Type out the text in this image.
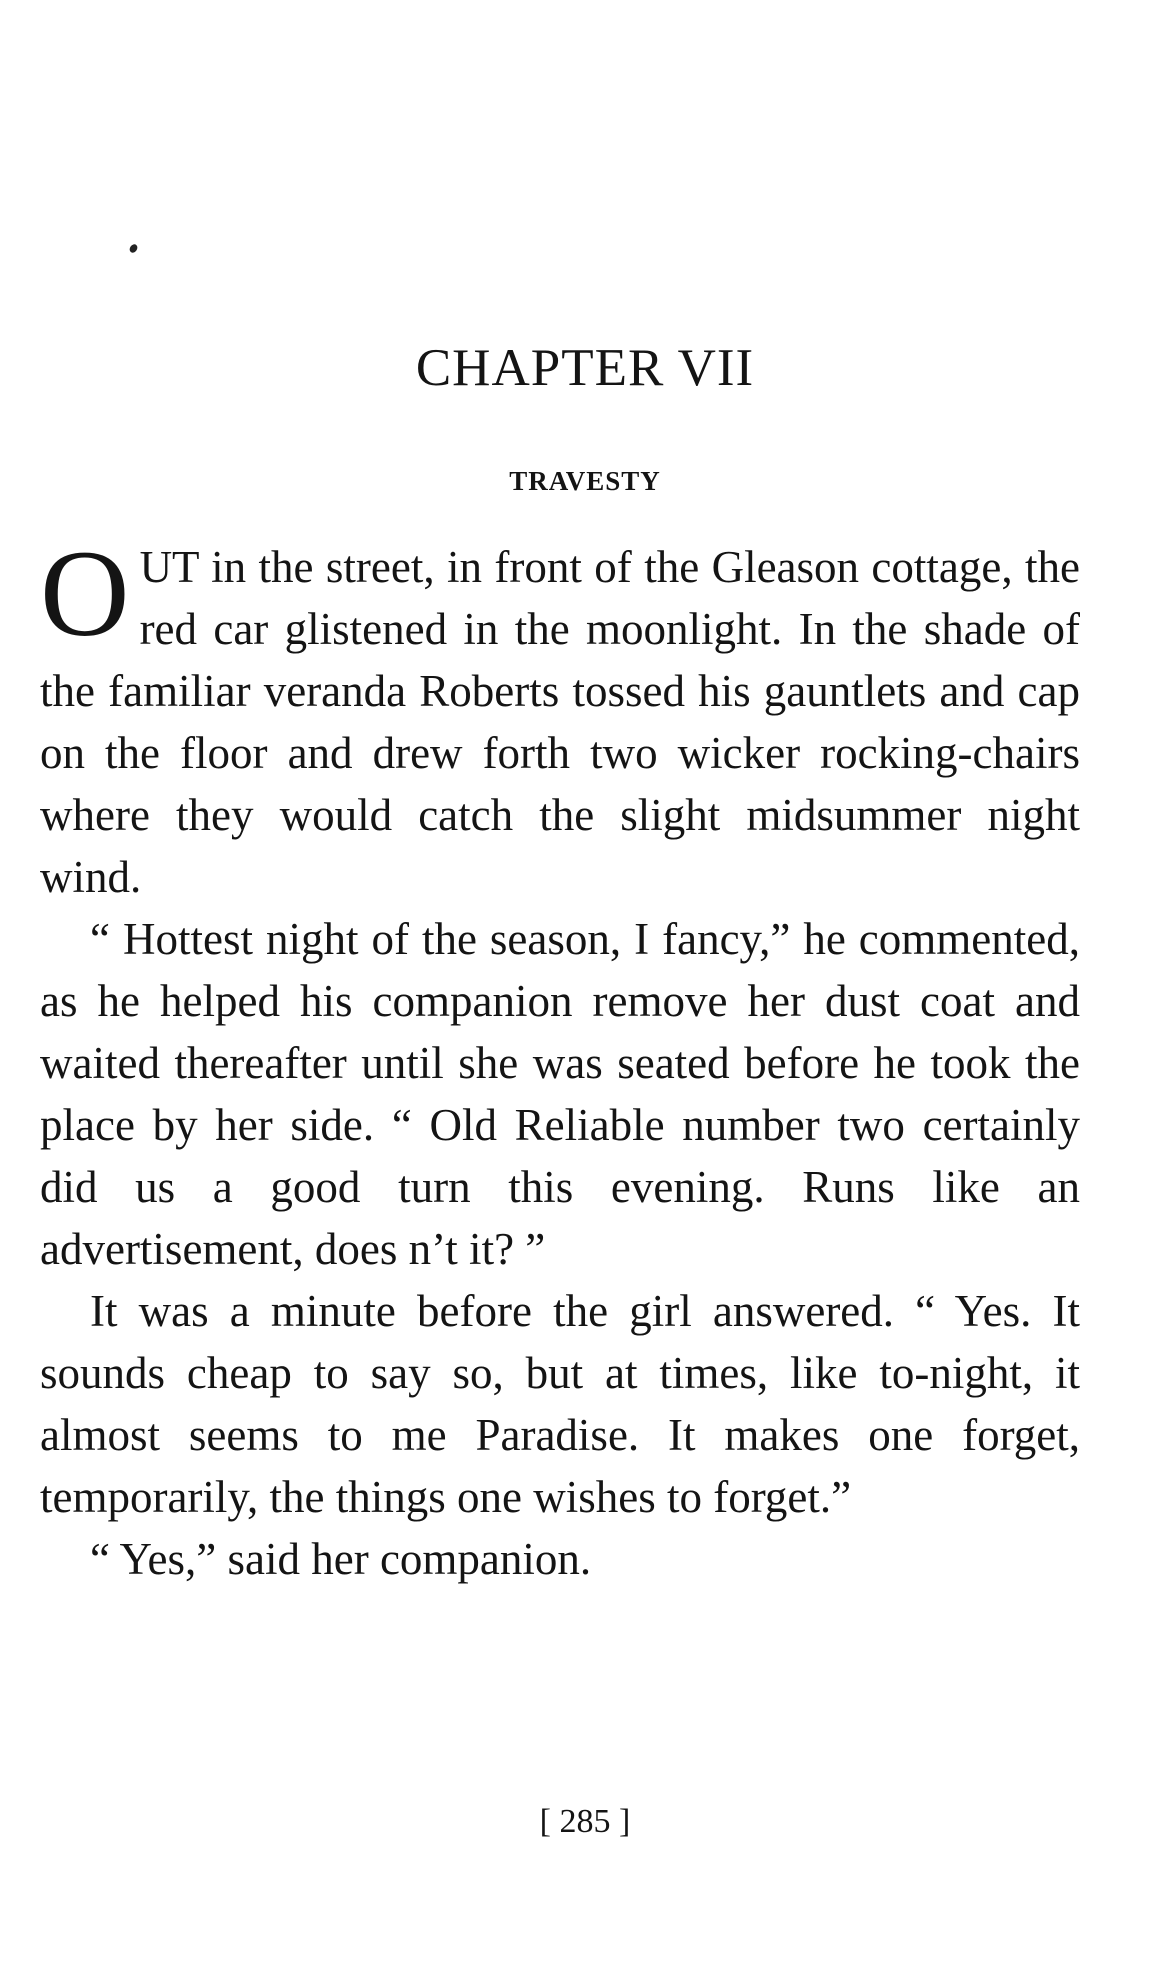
CHAPTER VII
TRAVESTY

OUT in the street, in front of the Gleason cottage, the red car glistened in the moonlight. In the shade of the familiar veranda Roberts tossed his gauntlets and cap on the floor and drew forth two wicker rocking-chairs where they would catch the slight midsummer night wind.

“ Hottest night of the season, I fancy,” he commented, as he helped his companion remove her dust coat and waited thereafter until she was seated before he took the place by her side. “ Old Reliable number two certainly did us a good turn this evening. Runs like an advertisement, does n’t it? ”

It was a minute before the girl answered. “ Yes. It sounds cheap to say so, but at times, like to-night, it almost seems to me Paradise. It makes one forget, temporarily, the things one wishes to forget.”

“ Yes,” said her companion.

[ 285 ]
